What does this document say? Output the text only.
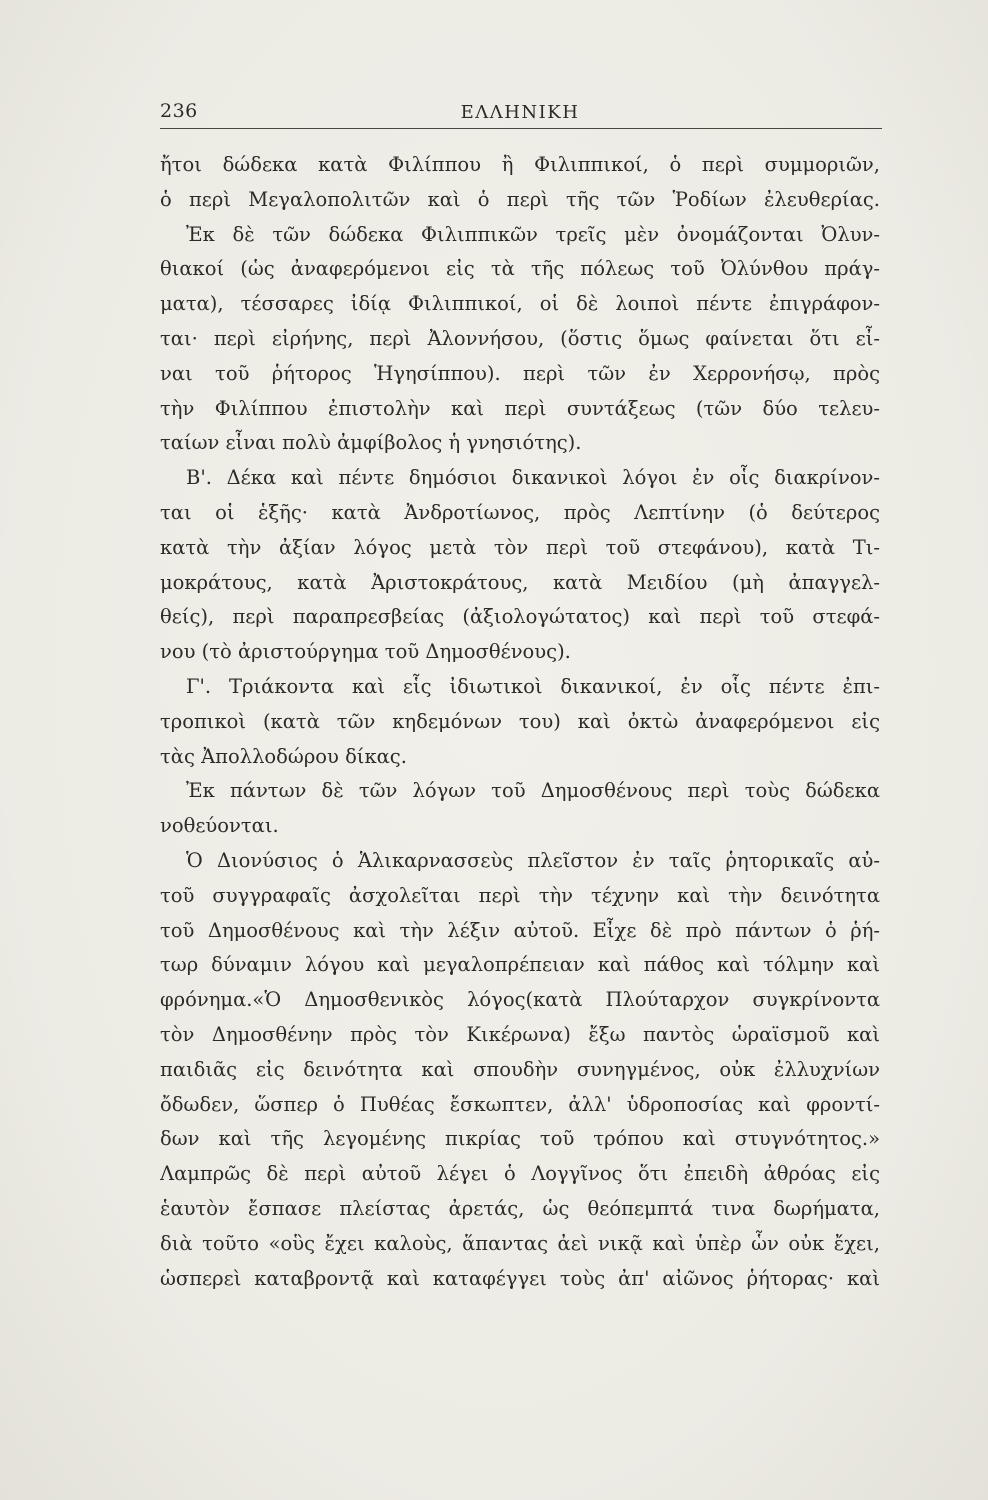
236	ΕΛΛΗΝΙΚΗ
ἤτοι δώδεκα κατὰ Φιλίππου ἢ Φιλιππικοί, ὁ περὶ συμμοριῶν,
ὁ περὶ Μεγαλοπολιτῶν καὶ ὁ περὶ τῆς τῶν Ῥοδίων ἐλευθερίας.
Ἐκ δὲ τῶν δώδεκα Φιλιππικῶν τρεῖς μὲν ὀνομάζονται Ὀλυν-
θιακοί (ὡς ἀναφερόμενοι εἰς τὰ τῆς πόλεως τοῦ Ὀλύνθου πράγ-
ματα), τέσσαρες ἰδίᾳ Φιλιππικοί, οἱ δὲ λοιποὶ πέντε ἐπιγράφον-
ται· περὶ εἰρήνης, περὶ Ἀλοννήσου, (ὅστις ὅμως φαίνεται ὅτι εἶ-
ναι τοῦ ῥήτορος Ἡγησίππου). περὶ τῶν ἐν Χερρονήσῳ, πρὸς
τὴν Φιλίππου ἐπιστολὴν καὶ περὶ συντάξεως (τῶν δύο τελευ-
ταίων εἶναι πολὺ ἀμφίβολος ἡ γνησιότης).
Β'. Δέκα καὶ πέντε δημόσιοι δικανικοὶ λόγοι ἐν οἷς διακρίνον-
ται οἱ ἑξῆς· κατὰ Ἀνδροτίωνος, πρὸς Λεπτίνην (ὁ δεύτερος
κατὰ τὴν ἀξίαν λόγος μετὰ τὸν περὶ τοῦ στεφάνου), κατὰ Τι-
μοκράτους, κατὰ Ἀριστοκράτους, κατὰ Μειδίου (μὴ ἀπαγγελ-
θείς), περὶ παραπρεσβείας (ἀξιολογώτατος) καὶ περὶ τοῦ στεφά-
νου (τὸ ἀριστούργημα τοῦ Δημοσθένους).
Γ'. Τριάκοντα καὶ εἷς ἰδιωτικοὶ δικανικοί, ἐν οἷς πέντε ἐπι-
τροπικοὶ (κατὰ τῶν κηδεμόνων του) καὶ ὀκτὼ ἀναφερόμενοι εἰς
τὰς Ἀπολλοδώρου δίκας.
Ἐκ πάντων δὲ τῶν λόγων τοῦ Δημοσθένους περὶ τοὺς δώδεκα
νοθεύονται.
Ὁ Διονύσιος ὁ Ἁλικαρνασσεὺς πλεῖστον ἐν ταῖς ῥητορικαῖς αὐ-
τοῦ συγγραφαῖς ἀσχολεῖται περὶ τὴν τέχνην καὶ τὴν δεινότητα
τοῦ Δημοσθένους καὶ τὴν λέξιν αὐτοῦ. Εἶχε δὲ πρὸ πάντων ὁ ῥή-
τωρ δύναμιν λόγου καὶ μεγαλοπρέπειαν καὶ πάθος καὶ τόλμην καὶ
φρόνημα.«Ὁ Δημοσθενικὸς λόγος(κατὰ Πλούταρχον συγκρίνοντα
τὸν Δημοσθένην πρὸς τὸν Κικέρωνα) ἔξω παντὸς ὡραϊσμοῦ καὶ
παιδιᾶς εἰς δεινότητα καὶ σπουδὴν συνηγμένος, οὐκ ἐλλυχνίων
ὄδωδεν, ὥσπερ ὁ Πυθέας ἔσκωπτεν, ἀλλ' ὑδροποσίας καὶ φροντί-
δων καὶ τῆς λεγομένης πικρίας τοῦ τρόπου καὶ στυγνότητος.»
Λαμπρῶς δὲ περὶ αὐτοῦ λέγει ὁ Λογγῖνος ὅτι ἐπειδὴ ἀθρόας εἰς
ἑαυτὸν ἔσπασε πλείστας ἀρετάς, ὡς θεόπεμπτά τινα δωρήματα,
διὰ τοῦτο «οὓς ἔχει καλοὺς, ἅπαντας ἀεὶ νικᾷ καὶ ὑπὲρ ὧν οὐκ ἔχει,
ὡσπερεὶ καταβροντᾷ καὶ καταφέγγει τοὺς ἀπ' αἰῶνος ῥήτορας· καὶ
